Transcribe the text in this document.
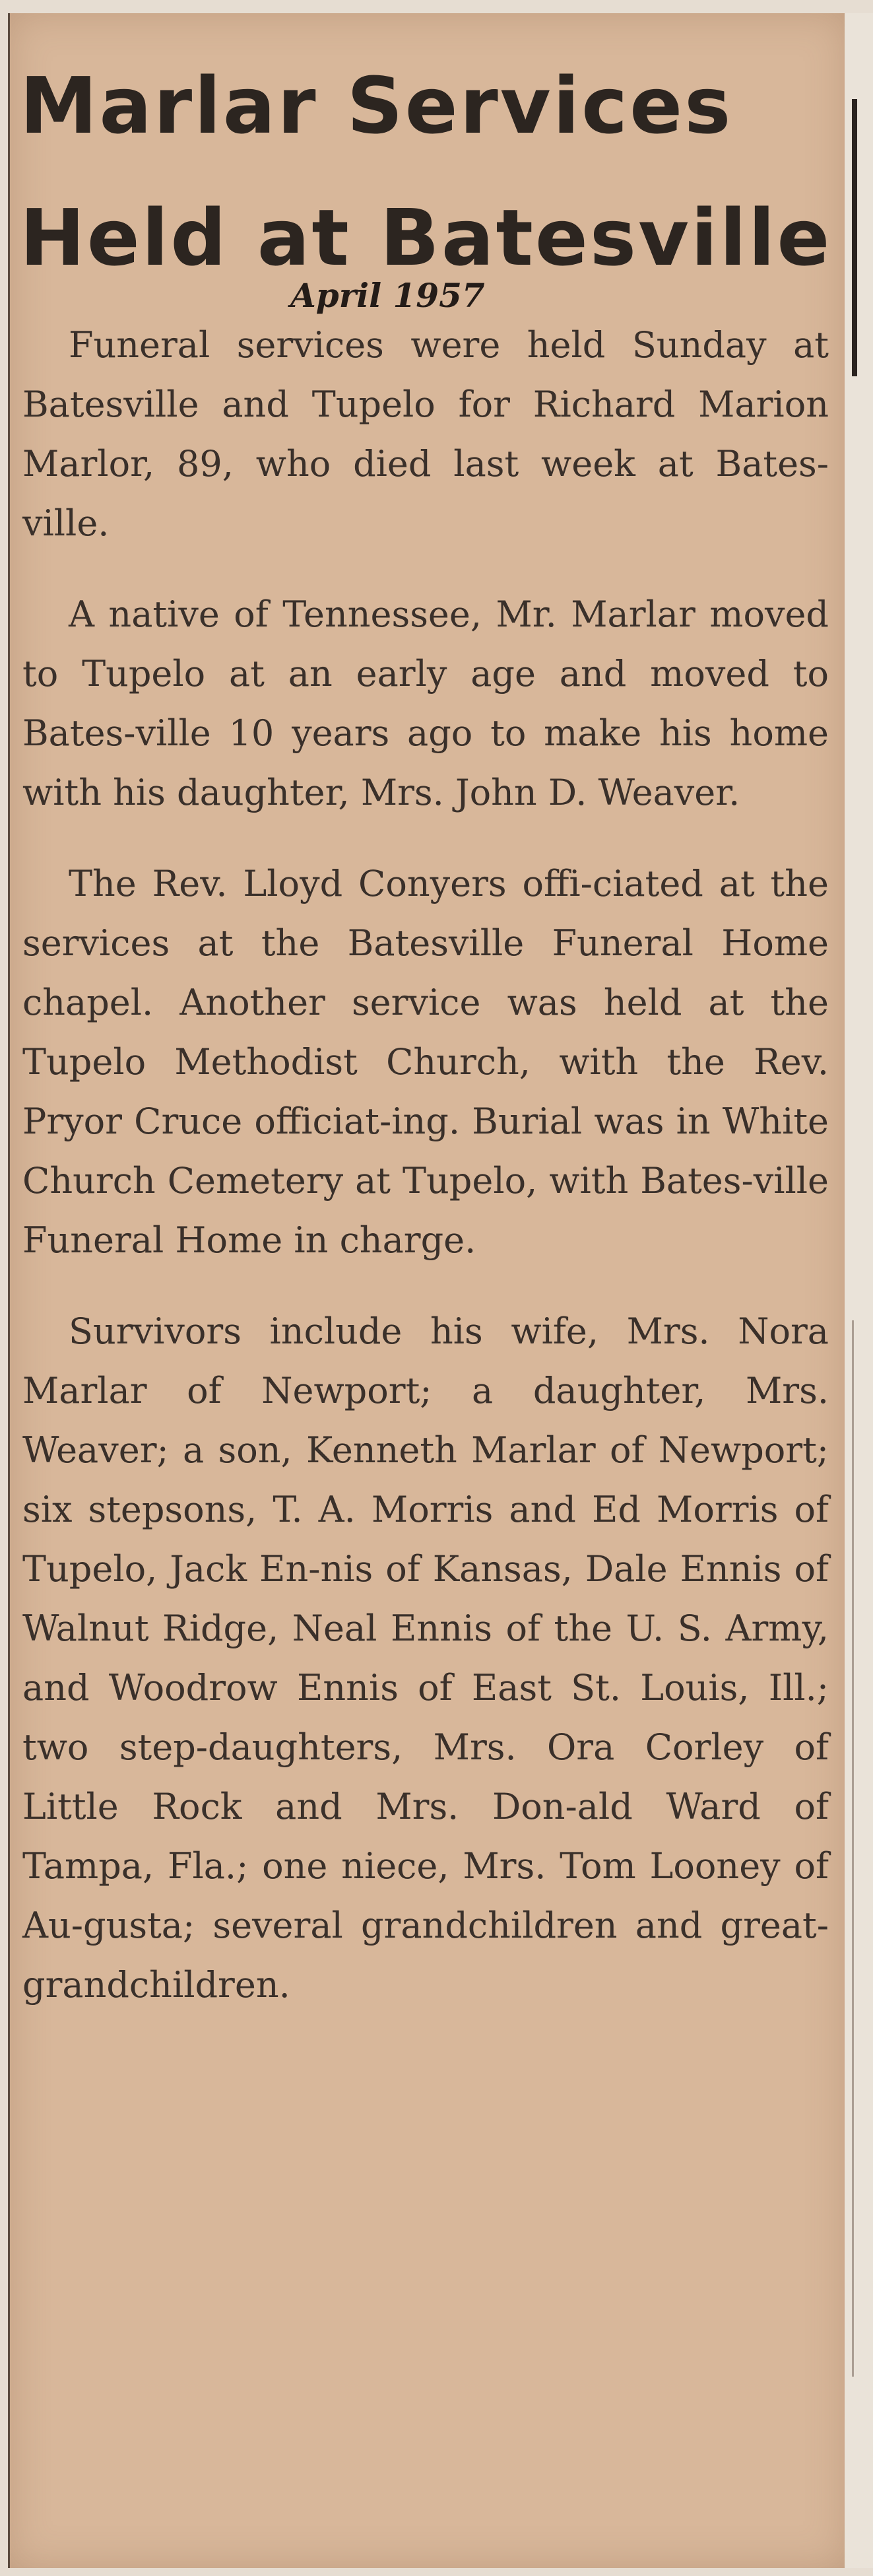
Marlar Services
Held at Batesville
April 1957

Funeral services were held Sunday at Batesville and Tupelo for Richard Marion Marlor, 89, who died last week at Bates-ville.

A native of Tennessee, Mr. Marlar moved to Tupelo at an early age and moved to Bates-ville 10 years ago to make his home with his daughter, Mrs. John D. Weaver.

The Rev. Lloyd Conyers offi-ciated at the services at the Batesville Funeral Home chapel. Another service was held at the Tupelo Methodist Church, with the Rev. Pryor Cruce officiat-ing. Burial was in White Church Cemetery at Tupelo, with Bates-ville Funeral Home in charge.

Survivors include his wife, Mrs. Nora Marlar of Newport; a daughter, Mrs. Weaver; a son, Kenneth Marlar of Newport; six stepsons, T. A. Morris and Ed Morris of Tupelo, Jack En-nis of Kansas, Dale Ennis of Walnut Ridge, Neal Ennis of the U. S. Army, and Woodrow Ennis of East St. Louis, Ill.; two step-daughters, Mrs. Ora Corley of Little Rock and Mrs. Don-ald Ward of Tampa, Fla.; one niece, Mrs. Tom Looney of Au-gusta; several grandchildren and great-grandchildren.
